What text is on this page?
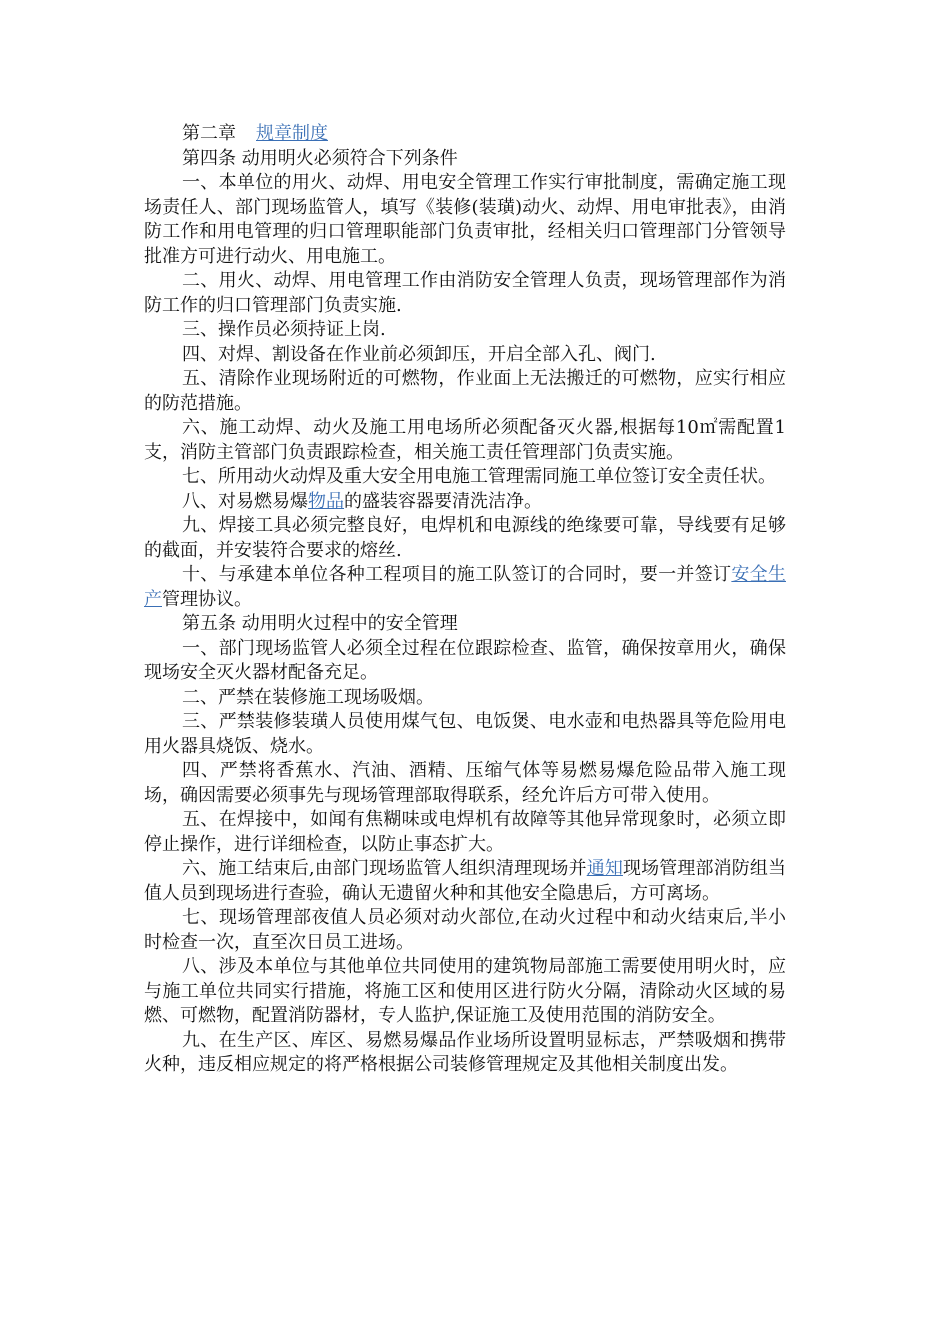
第二章 规章制度

第四条 动用明火必须符合下列条件

一、本单位的用火、动焊、用电安全管理工作实行审批制度，需确定施工现场责任人、部门现场监管人，填写《装修(装璜)动火、动焊、用电审批表》，由消防工作和用电管理的归口管理职能部门负责审批，经相关归口管理部门分管领导批准方可进行动火、用电施工。

二、用火、动焊、用电管理工作由消防安全管理人负责，现场管理部作为消防工作的归口管理部门负责实施.

三、操作员必须持证上岗.

四、对焊、割设备在作业前必须卸压，开启全部入孔、阀门.

五、清除作业现场附近的可燃物，作业面上无法搬迁的可燃物，应实行相应的防范措施。

六、施工动焊、动火及施工用电场所必须配备灭火器,根据每10㎡需配置1支，消防主管部门负责跟踪检查，相关施工责任管理部门负责实施。

七、所用动火动焊及重大安全用电施工管理需同施工单位签订安全责任状。

八、对易燃易爆物品的盛装容器要清洗洁净。

九、焊接工具必须完整良好，电焊机和电源线的绝缘要可靠，导线要有足够的截面，并安装符合要求的熔丝.

十、与承建本单位各种工程项目的施工队签订的合同时，要一并签订安全生产管理协议。

第五条 动用明火过程中的安全管理

一、部门现场监管人必须全过程在位跟踪检查、监管，确保按章用火，确保现场安全灭火器材配备充足。

二、严禁在装修施工现场吸烟。

三、严禁装修装璜人员使用煤气包、电饭煲、电水壶和电热器具等危险用电用火器具烧饭、烧水。

四、严禁将香蕉水、汽油、酒精、压缩气体等易燃易爆危险品带入施工现场，确因需要必须事先与现场管理部取得联系，经允许后方可带入使用。

五、在焊接中，如闻有焦糊味或电焊机有故障等其他异常现象时，必须立即停止操作，进行详细检查，以防止事态扩大。

六、施工结束后,由部门现场监管人组织清理现场并通知现场管理部消防组当值人员到现场进行查验，确认无遗留火种和其他安全隐患后，方可离场。

七、现场管理部夜值人员必须对动火部位,在动火过程中和动火结束后,半小时检查一次，直至次日员工进场。

八、涉及本单位与其他单位共同使用的建筑物局部施工需要使用明火时，应与施工单位共同实行措施，将施工区和使用区进行防火分隔，清除动火区域的易燃、可燃物，配置消防器材，专人监护,保证施工及使用范围的消防安全。

九、在生产区、库区、易燃易爆品作业场所设置明显标志，严禁吸烟和携带火种，违反相应规定的将严格根据公司装修管理规定及其他相关制度出发。
